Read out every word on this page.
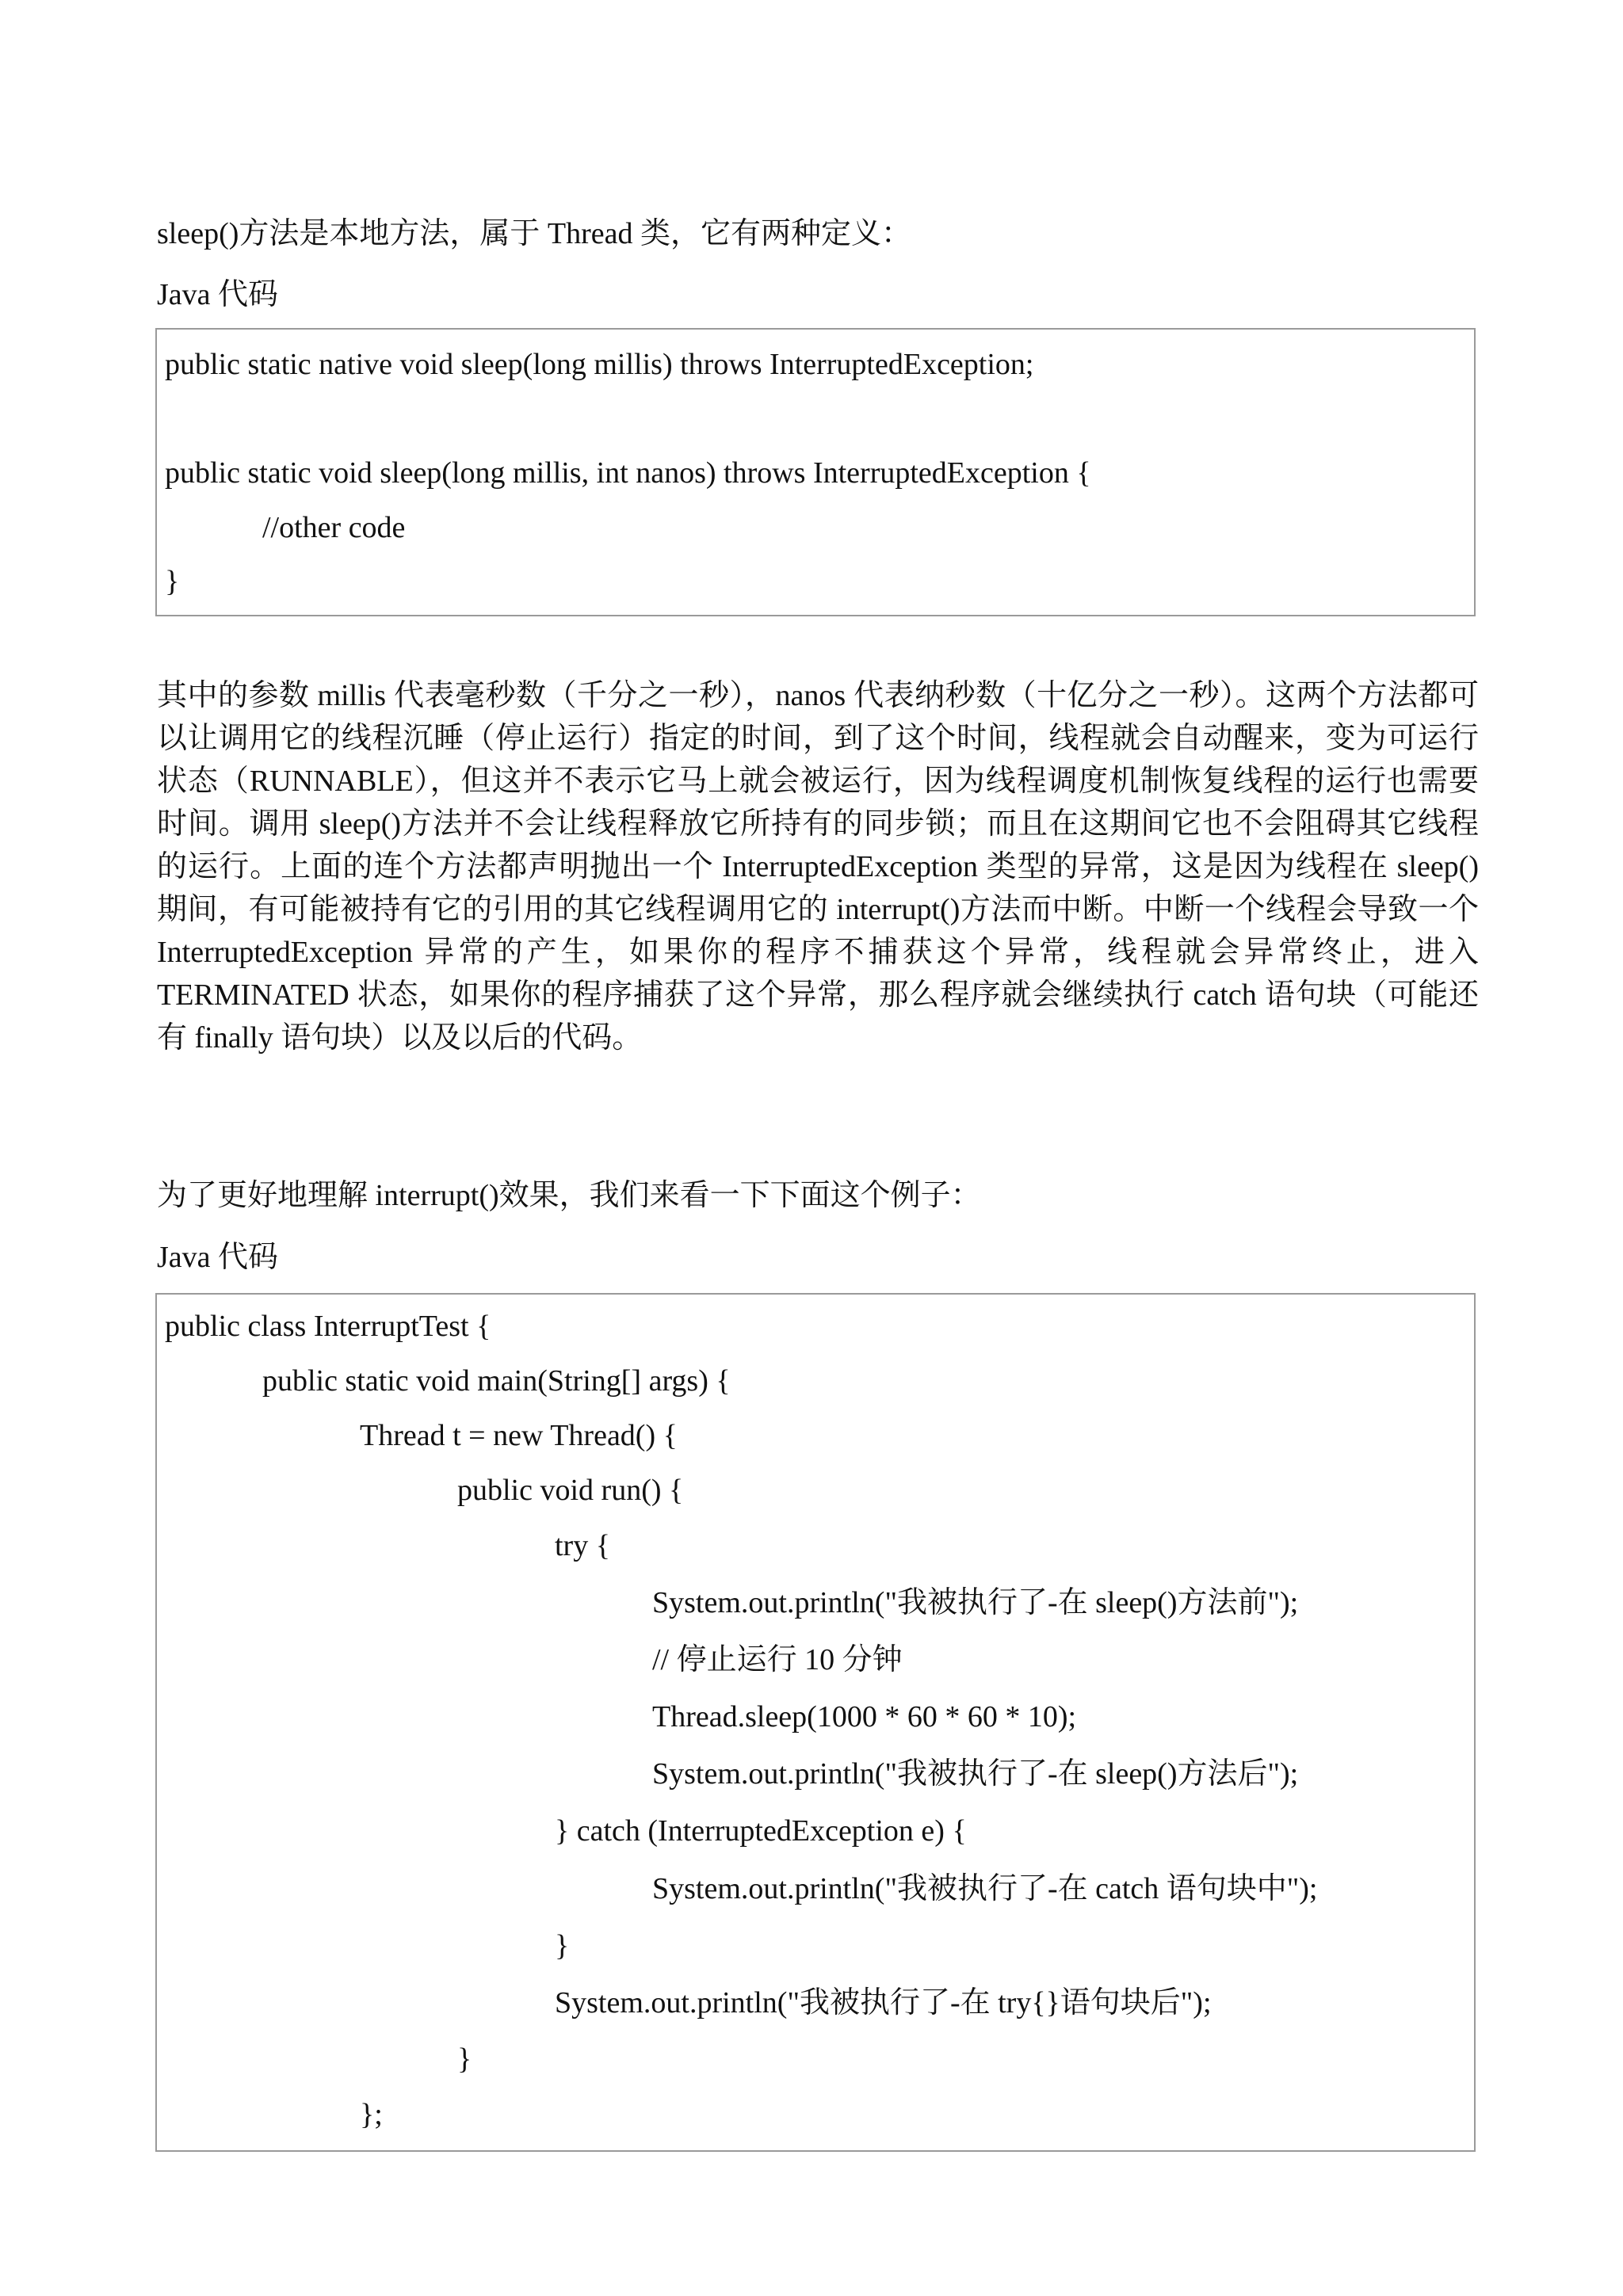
sleep()方法是本地方法，属于 Thread 类，它有两种定义：
Java 代码
public static native void sleep(long millis) throws InterruptedException;
public static void sleep(long millis, int nanos) throws InterruptedException {
//other code
}
其中的参数 millis 代表毫秒数（千分之一秒），nanos 代表纳秒数（十亿分之一秒）。这两个方法都可以让调用它的线程沉睡（停止运行）指定的时间，到了这个时间，线程就会自动醒来，变为可运行状态（RUNNABLE），但这并不表示它马上就会被运行，因为线程调度机制恢复线程的运行也需要时间。调用 sleep()方法并不会让线程释放它所持有的同步锁；而且在这期间它也不会阻碍其它线程的运行。上面的连个方法都声明抛出一个 InterruptedException 类型的异常，这是因为线程在 sleep()期间，有可能被持有它的引用的其它线程调用它的 interrupt()方法而中断。中断一个线程会导致一个 InterruptedException 异常的产生，如果你的程序不捕获这个异常，线程就会异常终止，进入 TERMINATED 状态，如果你的程序捕获了这个异常，那么程序就会继续执行 catch 语句块（可能还有 finally 语句块）以及以后的代码。
为了更好地理解 interrupt()效果，我们来看一下下面这个例子：
Java 代码
public class InterruptTest {
public static void main(String[] args) {
Thread t = new Thread() {
public void run() {
try {
System.out.println("我被执行了-在 sleep()方法前");
// 停止运行 10 分钟
Thread.sleep(1000 * 60 * 60 * 10);
System.out.println("我被执行了-在 sleep()方法后");
} catch (InterruptedException e) {
System.out.println("我被执行了-在 catch 语句块中");
}
System.out.println("我被执行了-在 try{}语句块后");
}
};
